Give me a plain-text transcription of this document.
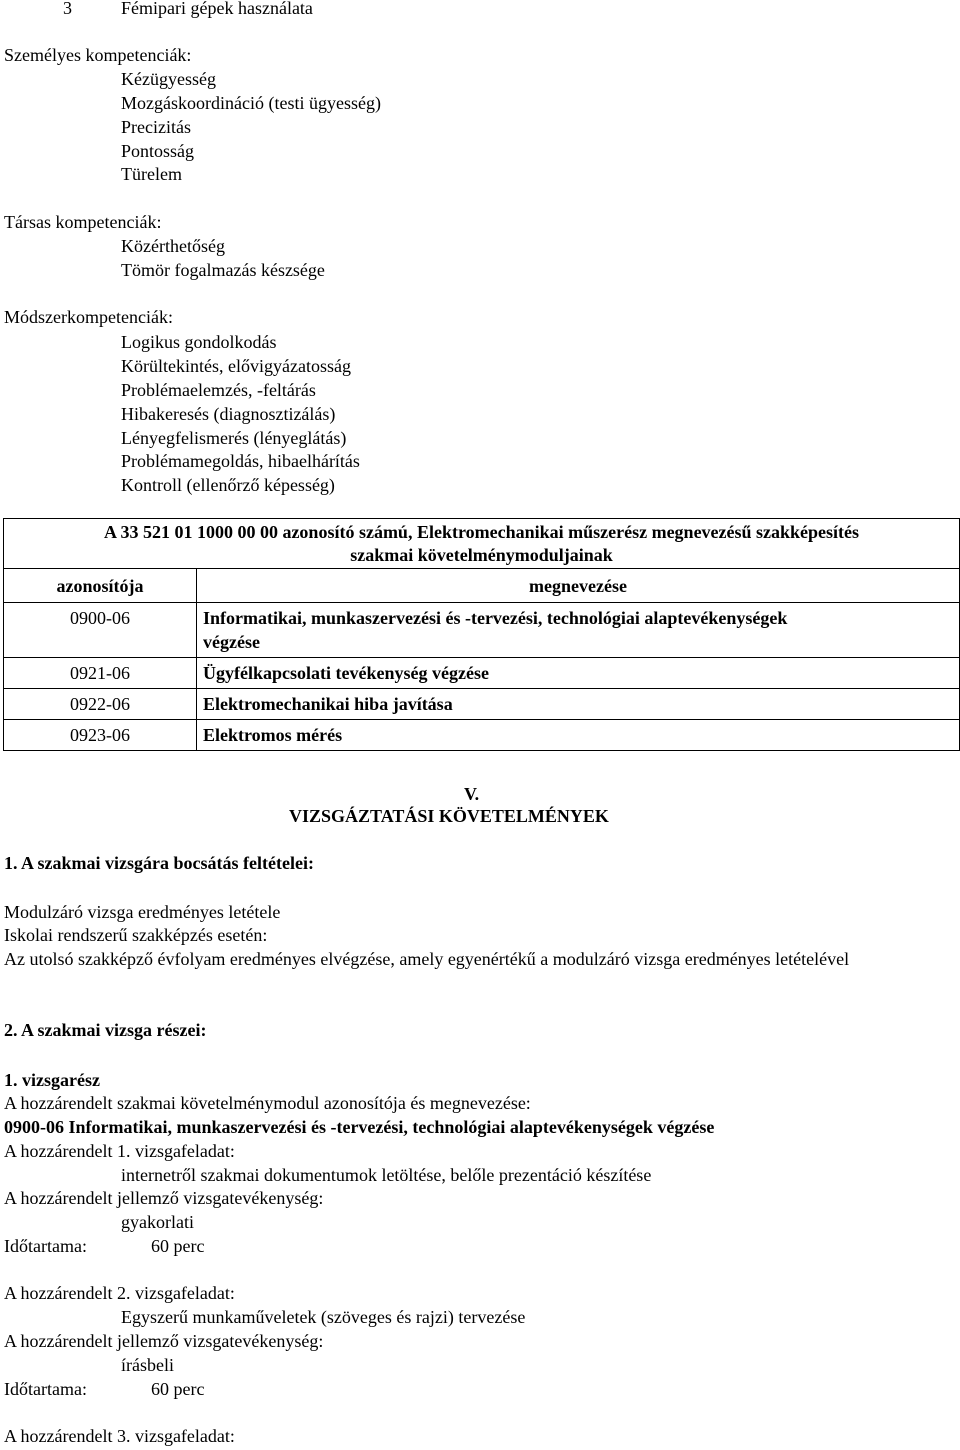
3	Fémipari gépek használata
Személyes kompetenciák:
Kézügyesség
Mozgáskoordináció (testi ügyesség)
Precizitás
Pontosság
Türelem
Társas kompetenciák:
Közérthetőség
Tömör fogalmazás készsége
Módszerkompetenciák:
Logikus gondolkodás
Körültekintés, elővigyázatosság
Problémaelemzés, -feltárás
Hibakeresés (diagnosztizálás)
Lényegfelismerés (lényeglátás)
Problémamegoldás, hibaelhárítás
Kontroll (ellenőrző képesség)
A 33 521 01 1000 00 00 azonosító számú, Elektromechanikai műszerész megnevezésű szakképesítés
szakmai követelménymoduljainak	

azonosítója	megnevezése
0900-06	Informatikai, munkaszervezési és -tervezési, technológiai alaptevékenységek
végzése

0921-06	Ügyfélkapcsolati tevékenység végzése
0922-06	Elektromechanikai hiba javítása
0923-06	Elektromos mérés
V.
VIZSGÁZTATÁSI KÖVETELMÉNYEK
1. A szakmai vizsgára bocsátás feltételei:
Modulzáró vizsga eredményes letétele
Iskolai rendszerű szakképzés esetén:
Az utolsó szakképző évfolyam eredményes elvégzése, amely egyenértékű a modulzáró vizsga eredményes letételével
2. A szakmai vizsga részei:
1. vizsgarész
A hozzárendelt szakmai követelménymodul azonosítója és megnevezése:
0900-06 Informatikai, munkaszervezési és -tervezési, technológiai alaptevékenységek végzése
A hozzárendelt 1. vizsgafeladat:
internetről szakmai dokumentumok letöltése, belőle prezentáció készítése
A hozzárendelt jellemző vizsgatevékenység:
gyakorlati
Időtartama:	60 perc
A hozzárendelt 2. vizsgafeladat:
Egyszerű munkaműveletek (szöveges és rajzi) tervezése
A hozzárendelt jellemző vizsgatevékenység:
írásbeli
Időtartama:	60 perc
A hozzárendelt 3. vizsgafeladat:
